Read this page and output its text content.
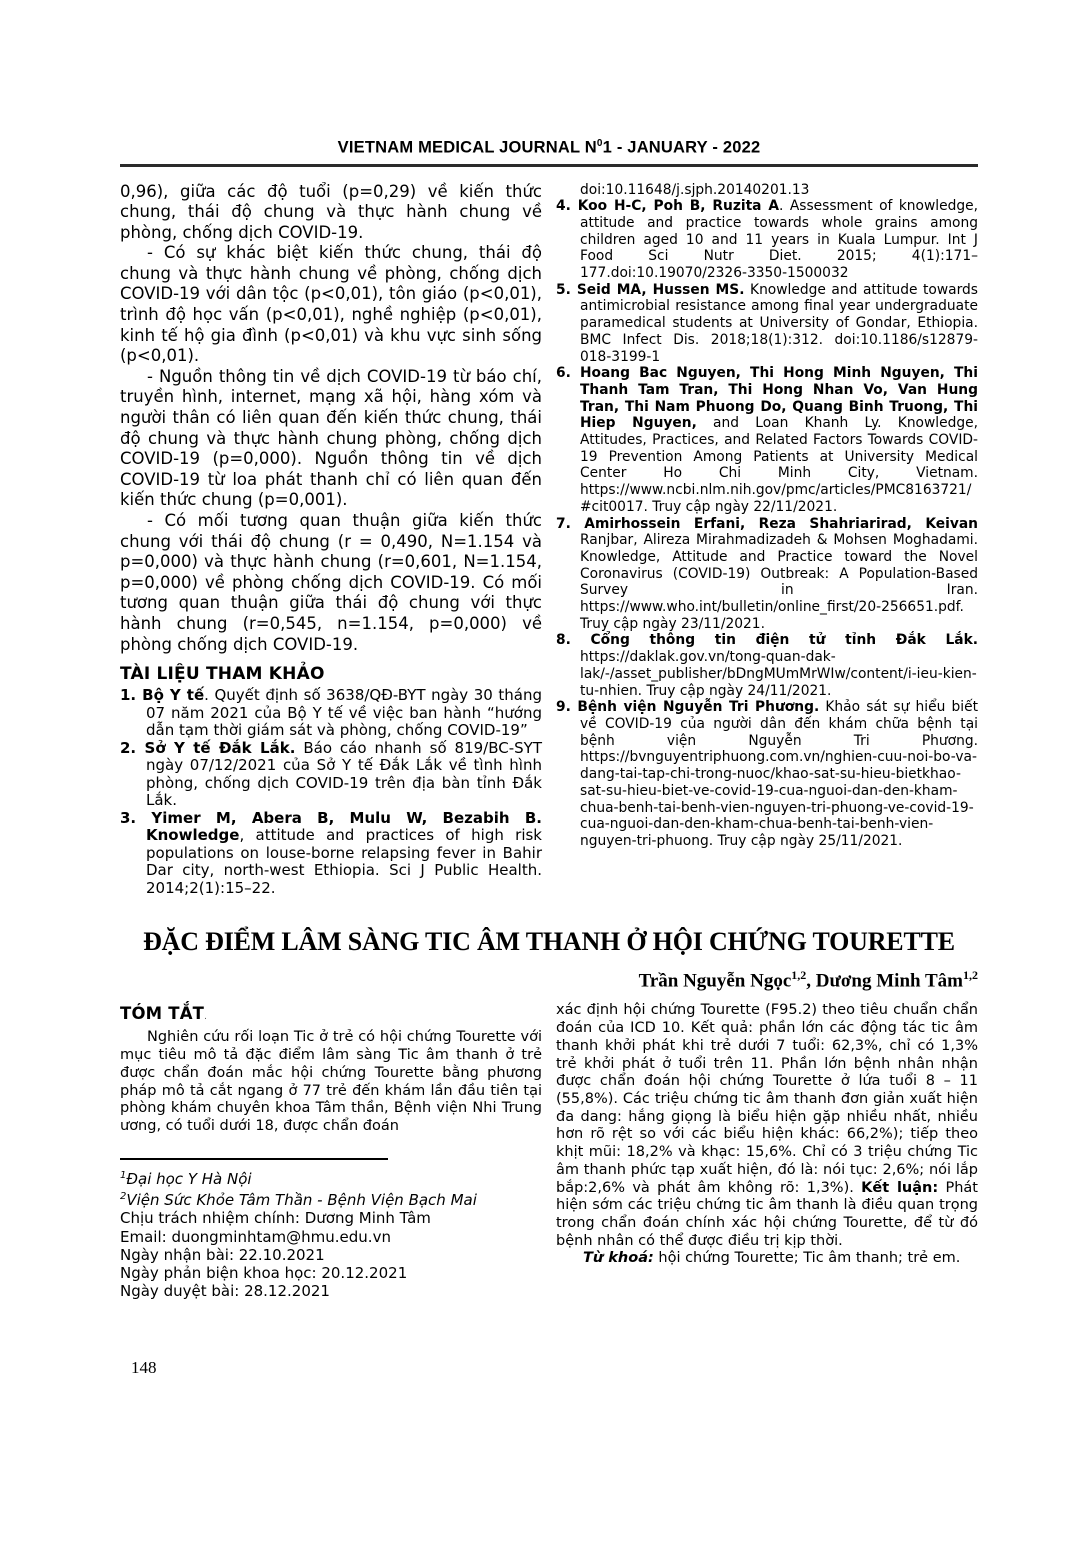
VIETNAM MEDICAL JOURNAL $N^01$ - JANUARY - 2022

0,96), giữa các độ tuổi (p=0,29) về kiến thức chung, thái độ chung và thực hành chung về phòng, chống dịch COVID-19.

- Có sự khác biệt kiến thức chung, thái độ chung và thực hành chung về phòng, chống dịch COVID-19 với dân tộc (p<0,01), tôn giáo (p<0,01), trình độ học vấn (p<0,01), nghề nghiệp (p<0,01), kinh tế hộ gia đình (p<0,01) và khu vực sinh sống (p<0,01).

- Nguồn thông tin về dịch COVID-19 từ báo chí, truyền hình, internet, mạng xã hội, hàng xóm và người thân có liên quan đến kiến thức chung, thái độ chung và thực hành chung phòng, chống dịch COVID-19 (p=0,000). Nguồn thông tin về dịch COVID-19 từ loa phát thanh chỉ có liên quan đến kiến thức chung (p=0,001).

- Có mối tương quan thuận giữa kiến thức chung với thái độ chung (r = 0,490, N=1.154 và p=0,000) và thực hành chung (r=0,601, N=1.154, p=0,000) về phòng chống dịch COVID-19. Có mối tương quan thuận giữa thái độ chung với thực hành chung (r=0,545, n=1.154, p=0,000) về phòng chống dịch COVID-19.

TÀI LIỆU THAM KHẢO

1. Bộ Y tế. Quyết định số 3638/QĐ-BYT ngày 30 tháng 07 năm 2021 của Bộ Y tế về việc ban hành “hướng dẫn tạm thời giám sát và phòng, chống COVID-19”

2. Sở Y tế Đắk Lắk. Báo cáo nhanh số 819/BC-SYT ngày 07/12/2021 của Sở Y tế Đắk Lắk về tình hình phòng, chống dịch COVID-19 trên địa bàn tỉnh Đắk Lắk.

3. Yimer M, Abera B, Mulu W, Bezabih B. Knowledge, attitude and practices of high risk populations on louse-borne relapsing fever in Bahir Dar city, north-west Ethiopia. Sci J Public Health. 2014;2(1):15–22.

doi:10.11648/j.sjph.20140201.13

4. Koo H-C, Poh B, Ruzita A. Assessment of knowledge, attitude and practice towards whole grains among children aged 10 and 11 years in Kuala Lumpur. Int J Food Sci Nutr Diet. 2015; 4(1):171–177.doi:10.19070/2326-3350-1500032

5. Seid MA, Hussen MS. Knowledge and attitude towards antimicrobial resistance among final year undergraduate paramedical students at University of Gondar, Ethiopia. BMC Infect Dis. 2018;18(1):312. doi:10.1186/s12879-018-3199-1

6. Hoang Bac Nguyen, Thi Hong Minh Nguyen, Thi Thanh Tam Tran, Thi Hong Nhan Vo, Van Hung Tran, Thi Nam Phuong Do, Quang Binh Truong, Thi Hiep Nguyen, and Loan Khanh Ly. Knowledge, Attitudes, Practices, and Related Factors Towards COVID-19 Prevention Among Patients at University Medical Center Ho Chi Minh City, Vietnam. https://www.ncbi.nlm.nih.gov/pmc/articles/PMC8163721/#cit0017. Truy cập ngày 22/11/2021.

7. Amirhossein Erfani, Reza Shahriarirad, Keivan Ranjbar, Alireza Mirahmadizadeh & Mohsen Moghadami. Knowledge, Attitude and Practice toward the Novel Coronavirus (COVID-19) Outbreak: A Population-Based Survey in Iran. https://www.who.int/bulletin/online_first/20-256651.pdf. Truy cập ngày 23/11/2021.

8. Cổng thông tin điện tử tỉnh Đắk Lắk. https://daklak.gov.vn/tong-quan-dak-lak/-/asset_publisher/bDngMUmMrWIw/content/i-ieu-kien-tu-nhien. Truy cập ngày 24/11/2021.

9. Bệnh viện Nguyễn Tri Phương. Khảo sát sự hiểu biết về COVID-19 của người dân đến khám chữa bệnh tại bệnh viện Nguyễn Tri Phương. https://bvnguyentriphuong.com.vn/nghien-cuu-noi-bo-va-dang-tai-tap-chi-trong-nuoc/khao-sat-su-hieu-bietkhao-sat-su-hieu-biet-ve-covid-19-cua-nguoi-dan-den-kham-chua-benh-tai-benh-vien-nguyen-tri-phuong-ve-covid-19-cua-nguoi-dan-den-kham-chua-benh-tai-benh-vien-nguyen-tri-phuong. Truy cập ngày 25/11/2021.

ĐẶC ĐIỂM LÂM SÀNG TIC ÂM THANH Ở HỘI CHỨNG TOURETTE
Trần Nguyễn Ngọc$^{1,2}$, Dương Minh Tâm$^{1,2}$
TÓM TẮT.

Nghiên cứu rối loạn Tic ở trẻ có hội chứng Tourette với mục tiêu mô tả đặc điểm lâm sàng Tic âm thanh ở trẻ được chẩn đoán mắc hội chứng Tourette bằng phương pháp mô tả cắt ngang ở 77 trẻ đến khám lần đầu tiên tại phòng khám chuyên khoa Tâm thần, Bệnh viện Nhi Trung ương, có tuổi dưới 18, được chẩn đoán

$^1$Đại học Y Hà Nội
$^2$Viện Sức Khỏe Tâm Thần - Bệnh Viện Bạch Mai
Chịu trách nhiệm chính: Dương Minh Tâm
Email: duongminhtam@hmu.edu.vn
Ngày nhận bài: 22.10.2021
Ngày phản biện khoa học: 20.12.2021
Ngày duyệt bài: 28.12.2021

xác định hội chứng Tourette (F95.2) theo tiêu chuẩn chẩn đoán của ICD 10. Kết quả: phần lớn các động tác tic âm thanh khởi phát khi trẻ dưới 7 tuổi: 62,3%, chỉ có 1,3% trẻ khởi phát ở tuổi trên 11. Phần lớn bệnh nhân nhận được chẩn đoán hội chứng Tourette ở lứa tuổi 8 – 11 (55,8%). Các triệu chứng tic âm thanh đơn giản xuất hiện đa dang: hắng giọng là biểu hiện gặp nhiều nhất, nhiều hơn rõ rệt so với các biểu hiện khác: 66,2%); tiếp theo khịt mũi: 18,2% và khạc: 15,6%. Chỉ có 3 triệu chứng Tic âm thanh phức tạp xuất hiện, đó là: nói tục: 2,6%; nói lắp bắp:2,6% và phát âm không rõ: 1,3%). Kết luận: Phát hiện sớm các triệu chứng tic âm thanh là điều quan trọng trong chẩn đoán chính xác hội chứng Tourette, để từ đó bệnh nhân có thể được điều trị kịp thời.

Từ khoá: hội chứng Tourette; Tic âm thanh; trẻ em.

148
